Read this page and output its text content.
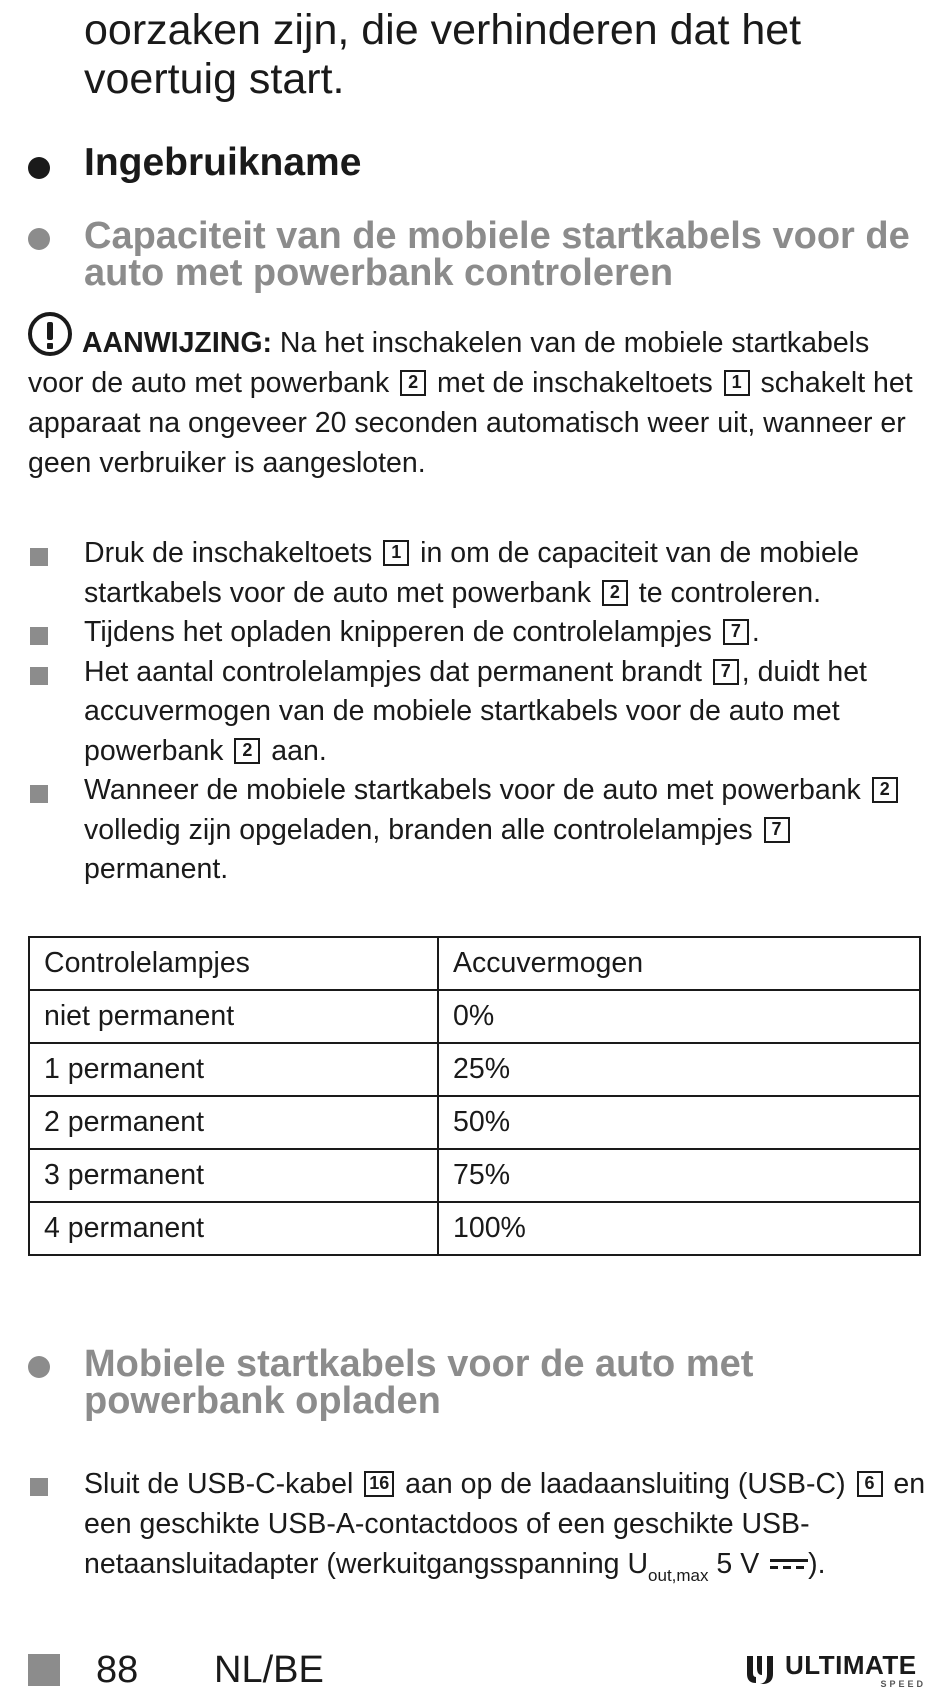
oorzaken zijn, die verhinderen dat het voertuig start.
Ingebruikname
Capaciteit van de mobiele startkabels voor de auto met powerbank controleren
AANWIJZING: Na het inschakelen van de mobiele startkabels voor de auto met powerbank 2 met de inschakeltoets 1 schakelt het apparaat na ongeveer 20 seconden automatisch weer uit, wanneer er geen verbruiker is aangesloten.
Druk de inschakeltoets 1 in om de capaciteit van de mobiele startkabels voor de auto met powerbank 2 te controleren.
Tijdens het opladen knipperen de controlelampjes 7 .
Het aantal controlelampjes dat permanent brandt 7 , duidt het accuvermogen van de mobiele startkabels voor de auto met powerbank 2 aan.
Wanneer de mobiele startkabels voor de auto met powerbank 2 volledig zijn opgeladen, branden alle controlelampjes 7 permanent.
Controlelampjes	Accuvermogen
niet permanent	0%
1 permanent	25%
2 permanent	50%
3 permanent	75%
4 permanent	100%
Mobiele startkabels voor de auto met powerbank opladen
Sluit de USB-C-kabel 16 aan op de laadaansluiting (USB-C) 6 en een geschikte USB-A-contactdoos of een geschikte USB-netaansluitadapter (werkuitgangsspanning $U_{out,max}$ 5 V ).
88 NL/BE	ULTIMATE
SPEED
